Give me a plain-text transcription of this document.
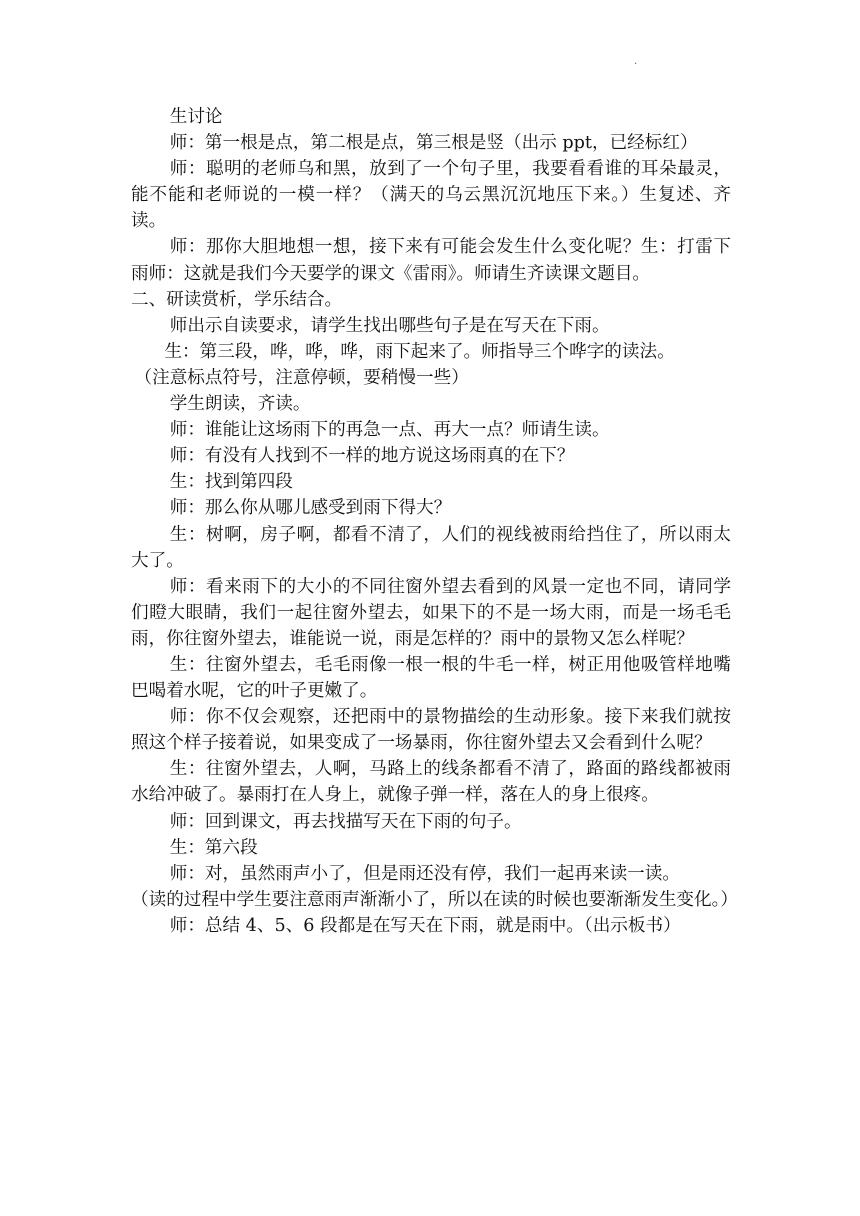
.

生讨论

师：第一根是点，第二根是点，第三根是竖（出示 ppt，已经标红）

师：聪明的老师乌和黑，放到了一个句子里，我要看看谁的耳朵最灵，能不能和老师说的一模一样？（满天的乌云黑沉沉地压下来。）生复述、齐读。

师：那你大胆地想一想，接下来有可能会发生什么变化呢？生：打雷下雨师：这就是我们今天要学的课文《雷雨》。师请生齐读课文题目。

二、研读赏析，学乐结合。

师出示自读要求，请学生找出哪些句子是在写天在下雨。

生：第三段，哗，哗，哗，雨下起来了。师指导三个哗字的读法。

（注意标点符号，注意停顿，要稍慢一些）

学生朗读，齐读。

师：谁能让这场雨下的再急一点、再大一点？师请生读。

师：有没有人找到不一样的地方说这场雨真的在下？

生：找到第四段

师：那么你从哪儿感受到雨下得大？

生：树啊，房子啊，都看不清了，人们的视线被雨给挡住了，所以雨太大了。

师：看来雨下的大小的不同往窗外望去看到的风景一定也不同，请同学们瞪大眼睛，我们一起往窗外望去，如果下的不是一场大雨，而是一场毛毛雨，你往窗外望去，谁能说一说，雨是怎样的？雨中的景物又怎么样呢？

生：往窗外望去，毛毛雨像一根一根的牛毛一样，树正用他吸管样地嘴巴喝着水呢，它的叶子更嫩了。

师：你不仅会观察，还把雨中的景物描绘的生动形象。接下来我们就按照这个样子接着说，如果变成了一场暴雨，你往窗外望去又会看到什么呢？

生：往窗外望去，人啊，马路上的线条都看不清了，路面的路线都被雨水给冲破了。暴雨打在人身上，就像子弹一样，落在人的身上很疼。

师：回到课文，再去找描写天在下雨的句子。

生：第六段

师：对，虽然雨声小了，但是雨还没有停，我们一起再来读一读。

（读的过程中学生要注意雨声渐渐小了，所以在读的时候也要渐渐发生变化。）

师：总结 4、5、6 段都是在写天在下雨，就是雨中。（出示板书）
